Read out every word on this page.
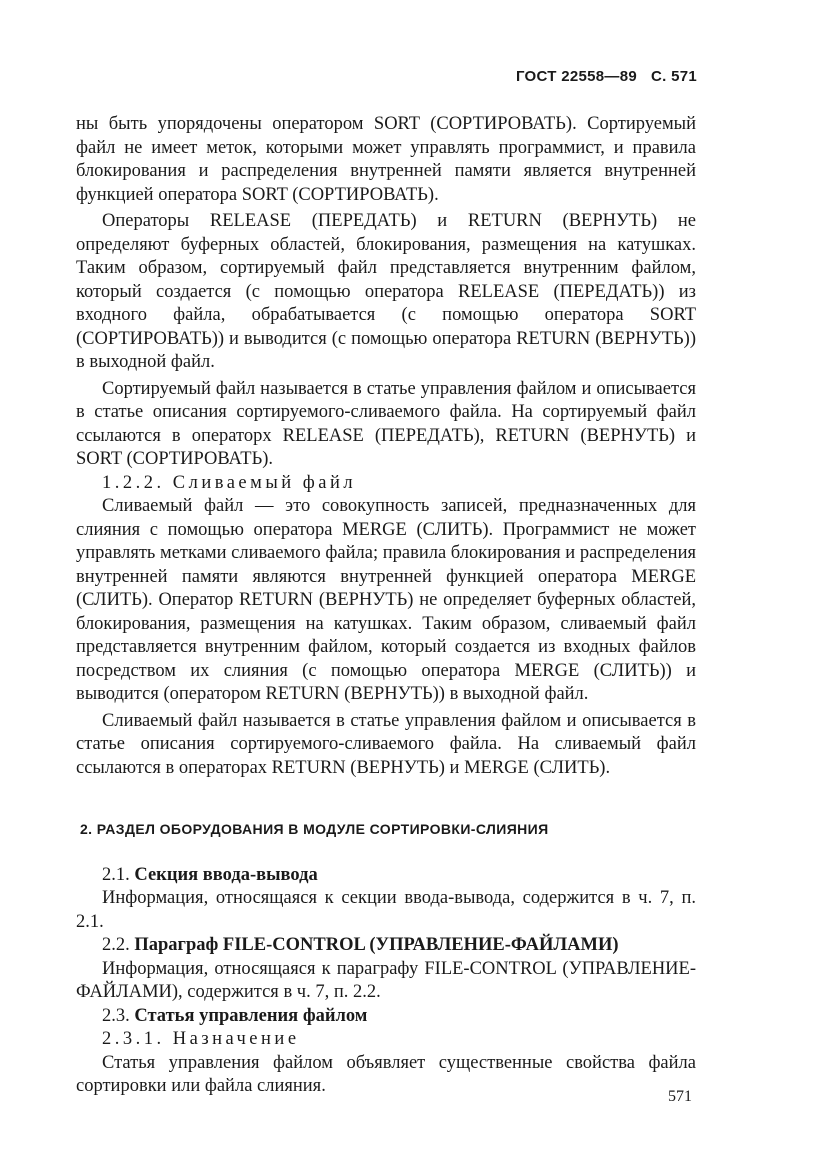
ГОСТ 22558—89 С. 571

ны быть упорядочены оператором SORT (СОРТИРОВАТЬ). Сортируемый файл не имеет меток, которыми может управлять программист, и правила блокирования и распределения внутренней памяти является внутренней функцией оператора SORT (СОРТИРОВАТЬ).

Операторы RELEASE (ПЕРЕДАТЬ) и RETURN (ВЕРНУТЬ) не определяют буферных областей, блокирования, размещения на катушках. Таким образом, сортируемый файл представляется внутренним файлом, который создается (с помощью оператора RELEASE (ПЕРЕДАТЬ)) из входного файла, обрабатывается (с помощью оператора SORT (СОРТИРОВАТЬ)) и выводится (с помощью оператора RETURN (ВЕРНУТЬ)) в выходной файл.

Сортируемый файл называется в статье управления файлом и описывается в статье описания сортируемого-сливаемого файла. На сортируемый файл ссылаются в операторх RELEASE (ПЕРЕДАТЬ), RETURN (ВЕРНУТЬ) и SORT (СОРТИРОВАТЬ).

1.2.2. Сливаемый файл

Сливаемый файл — это совокупность записей, предназначенных для слияния с помощью оператора MERGE (СЛИТЬ). Программист не может управлять метками сливаемого файла; правила блокирования и распределения внутренней памяти являются внутренней функцией оператора MERGE (СЛИТЬ). Оператор RETURN (ВЕРНУТЬ) не определяет буферных областей, блокирования, размещения на катушках. Таким образом, сливаемый файл представляется внутренним файлом, который создается из входных файлов посредством их слияния (с помощью оператора MERGE (СЛИТЬ)) и выводится (оператором RETURN (ВЕРНУТЬ)) в выходной файл.

Сливаемый файл называется в статье управления файлом и описывается в статье описания сортируемого-сливаемого файла. На сливаемый файл ссылаются в операторах RETURN (ВЕРНУТЬ) и MERGE (СЛИТЬ).

2. РАЗДЕЛ ОБОРУДОВАНИЯ В МОДУЛЕ СОРТИРОВКИ-СЛИЯНИЯ

2.1. Секция ввода-вывода

Информация, относящаяся к секции ввода-вывода, содержится в ч. 7, п. 2.1.

2.2. Параграф FILE-CONTROL (УПРАВЛЕНИЕ-ФАЙЛАМИ)

Информация, относящаяся к параграфу FILE-CONTROL (УПРАВЛЕНИЕ-ФАЙЛАМИ), содержится в ч. 7, п. 2.2.

2.3. Статья управления файлом

2.3.1. Назначение

Статья управления файлом объявляет существенные свойства файла сортировки или файла слияния.

571
